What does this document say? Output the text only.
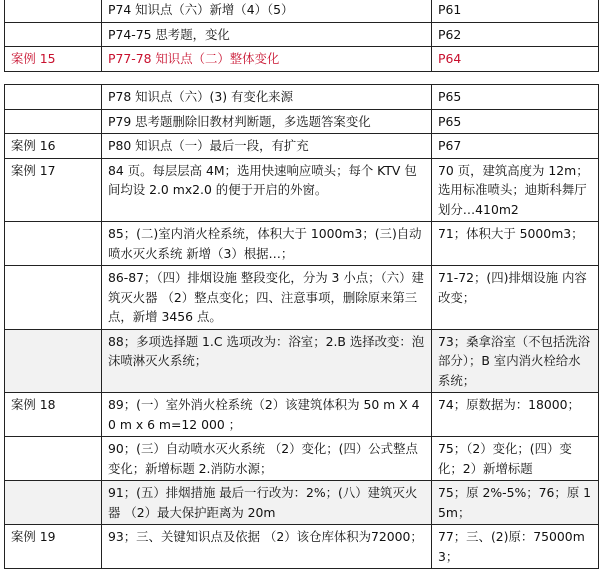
	P74 知识点（六）新增（4）（5）	P61
	P74-75 思考题，变化	P62
案例 15	P77-78 知识点（二）整体变化	P64
	P78 知识点（六）(3) 有变化来源	P65
	P79 思考题删除旧教材判断题，多选题答案变化	P65
案例 16	P80 知识点（一）最后一段，有扩充	P67
案例 17	84 页。每层层高 4M；选用快速响应喷头；每个 KTV 包间均设 2.0 mx2.0 的便于开启的外窗。	70 页，建筑高度为 12m；选用标准喷头；迪斯科舞厅划分…410m2
	85；(二)室内消火栓系统，体积大于 1000m3；(三)自动喷水灭火系统 新增（3）根据…；	71；体积大于 5000m3；
	86-87；（四）排烟设施 整段变化，分为 3 小点；（六）建筑灭火器 （2）整点变化；四、注意事项，删除原来第三点，新增 3456 点。	71-72；(四)排烟设施 内容改变；
	88；多项选择题 1.C 选项改为：浴室；2.B 选择改变：泡沫喷淋灭火系统；	73；桑拿浴室（不包括洗浴部分）；B 室内消火栓给水系统；
案例 18	89；(一）室外消火栓系统（2）该建筑体积为 50 m X 40 m x 6 m=12 000 ；	74；原数据为：18000；
	90；(三）自动喷水灭火系统 （2）变化；(四）公式整点变化；新增标题 2.消防水源；	75；（2）变化；(四）变化；2）新增标题
	91；(五）排烟措施 最后一行改为：2%；(八）建筑灭火器 （2）最大保护距离为 20m	75；原 2%-5%；76；原 15m；
案例 19	93；三、关键知识点及依据 （2）该仓库体积为72000；	77；三、(2)原：75000m3；
